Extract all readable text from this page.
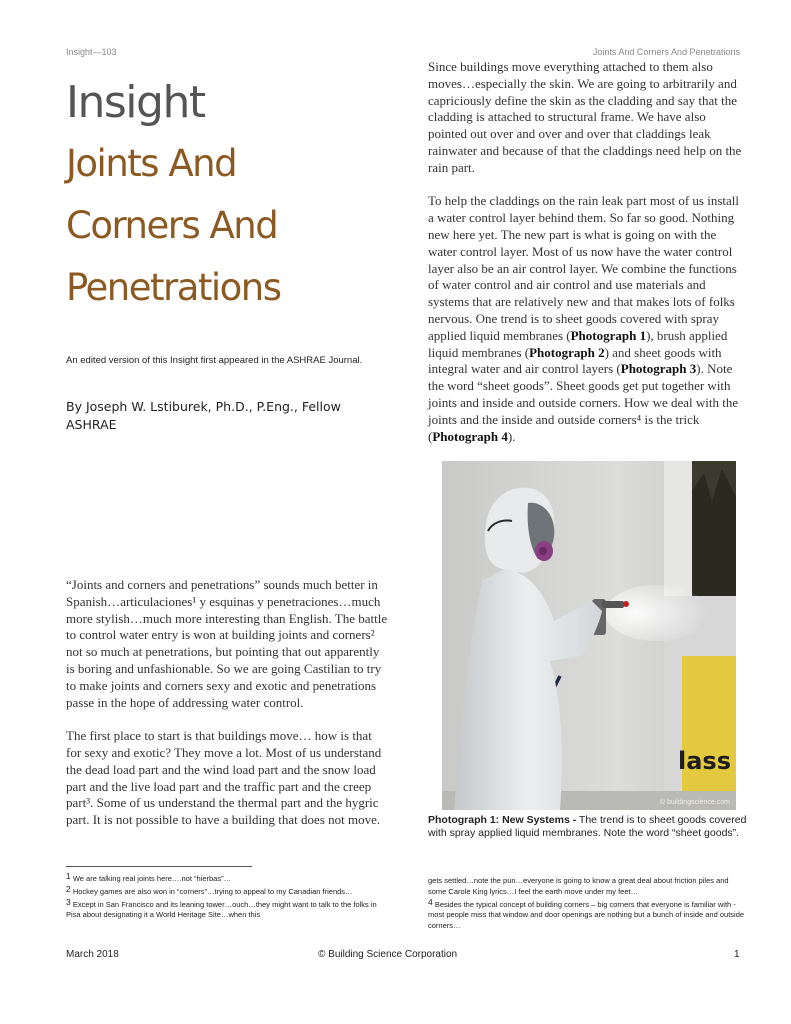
Insight—103	Joints And Corners And Penetrations
Insight
Joints And
Corners And
Penetrations
An edited version of this Insight first appeared in the ASHRAE Journal.
By Joseph W. Lstiburek, Ph.D., P.Eng., Fellow ASHRAE

“Joints and corners and penetrations” sounds much better in Spanish…articulaciones¹ y esquinas y penetraciones…much more stylish…much more interesting than English. The battle to control water entry is won at building joints and corners² not so much at penetrations, but pointing that out apparently is boring and unfashionable. So we are going Castilian to try to make joints and corners sexy and exotic and penetrations passe in the hope of addressing water control.

The first place to start is that buildings move… how is that for sexy and exotic? They move a lot. Most of us understand the dead load part and the wind load part and the snow load part and the live load part and the traffic part and the creep part³. Some of us understand the thermal part and the hygric part. It is not possible to have a building that does not move.

$^1$ We are talking real joints here….not “hierbas”…
$^2$ Hockey games are also won in “corners”…trying to appeal to my Canadian friends…
$^3$ Except in San Francisco and its leaning tower…ouch…they might want to talk to the folks in Pisa about designating it a World Heritage Site…when this

Since buildings move everything attached to them also moves…especially the skin. We are going to arbitrarily and capriciously define the skin as the cladding and say that the cladding is attached to structural frame. We have also pointed out over and over and over that claddings leak rainwater and because of that the claddings need help on the rain part.

To help the claddings on the rain leak part most of us install a water control layer behind them. So far so good. Nothing new here yet. The new part is what is going on with the water control layer. Most of us now have the water control layer also be an air control layer. We combine the functions of water control and air control and use materials and systems that are relatively new and that makes lots of folks nervous. One trend is to sheet goods covered with spray applied liquid membranes (Photograph 1), brush applied liquid membranes (Photograph 2) and sheet goods with integral water and air control layers (Photograph 3). Note the word “sheet goods”. Sheet goods get put together with joints and inside and outside corners. How we deal with the joints and the inside and outside corners⁴ is the trick (Photograph 4).

lass
© buildingscience.com
Photograph 1: New Systems - The trend is to sheet goods covered with spray applied liquid membranes. Note the word “sheet goods”.
gets settled…note the pun…everyone is going to know a great deal about friction piles and some Carole King lyrics…I feel the earth move under my feet…
$^4$ Besides the typical concept of building corners – big corners that everyone is familiar with - most people miss that window and door openings are nothing but a bunch of inside and outside corners…
March 2018	© Building Science Corporation	1
